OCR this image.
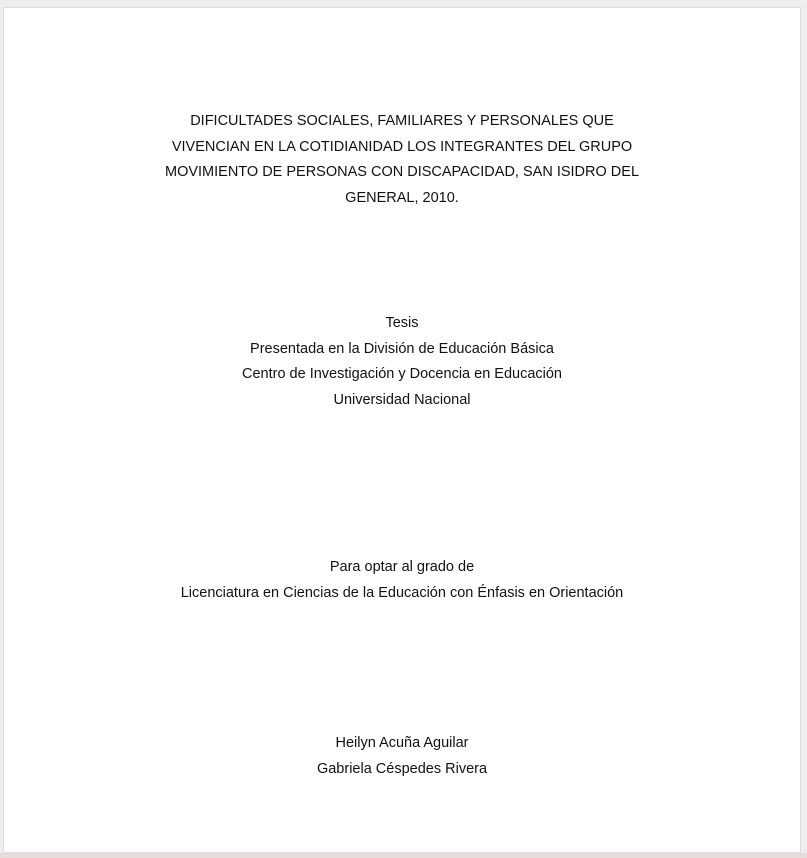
DIFICULTADES SOCIALES, FAMILIARES Y PERSONALES QUE
VIVENCIAN EN LA COTIDIANIDAD LOS INTEGRANTES DEL GRUPO
MOVIMIENTO DE PERSONAS CON DISCAPACIDAD, SAN ISIDRO DEL
GENERAL, 2010.
Tesis
Presentada en la División de Educación Básica
Centro de Investigación y Docencia en Educación
Universidad Nacional
Para optar al grado de
Licenciatura en Ciencias de la Educación con Énfasis en Orientación
Heilyn Acuña Aguilar
Gabriela Céspedes Rivera
